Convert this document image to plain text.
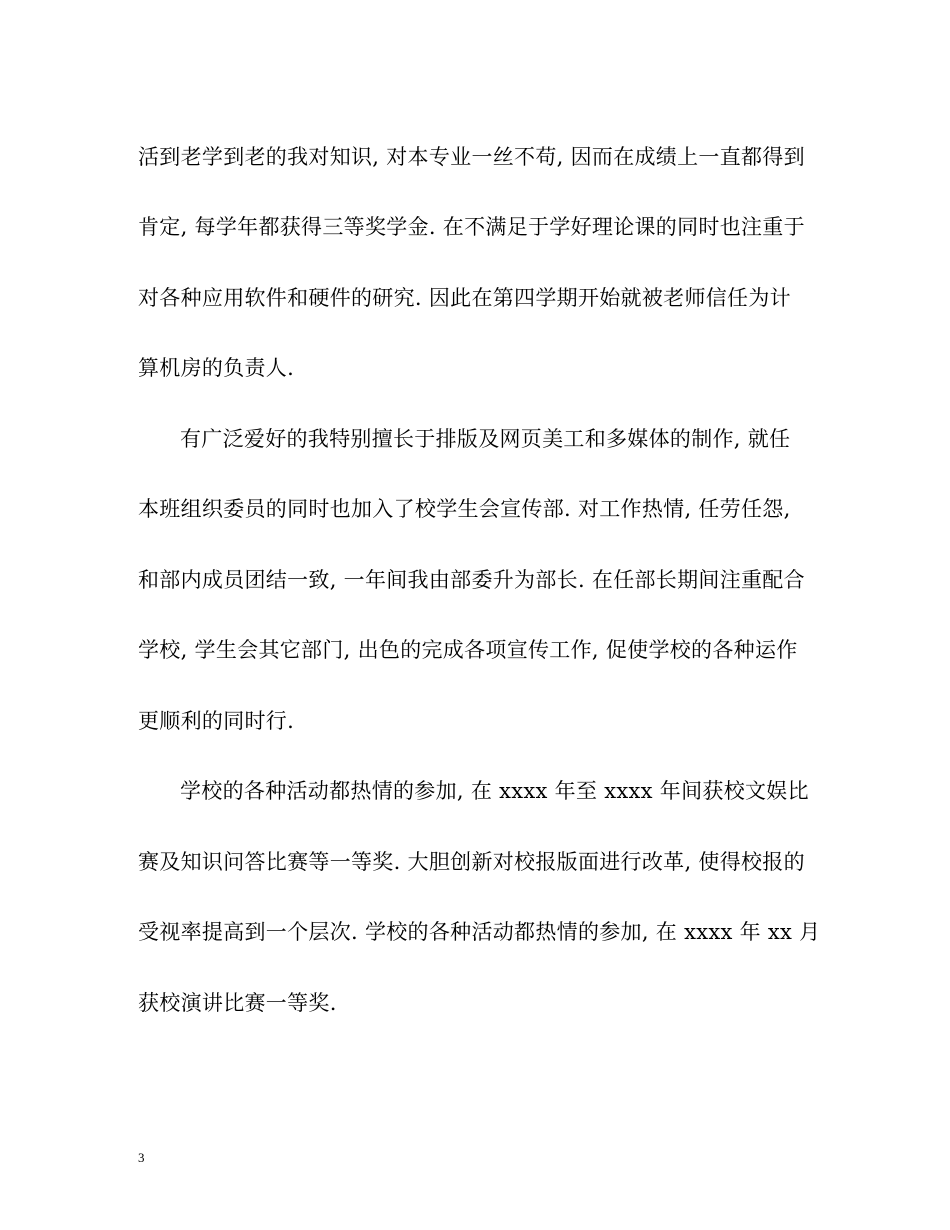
活到老学到老的我对知识, 对本专业一丝不苟, 因而在成绩上一直都得到
肯定, 每学年都获得三等奖学金. 在不满足于学好理论课的同时也注重于
对各种应用软件和硬件的研究. 因此在第四学期开始就被老师信任为计
算机房的负责人.
有广泛爱好的我特别擅长于排版及网页美工和多媒体的制作, 就任
本班组织委员的同时也加入了校学生会宣传部. 对工作热情, 任劳任怨,
和部内成员团结一致, 一年间我由部委升为部长. 在任部长期间注重配合
学校, 学生会其它部门, 出色的完成各项宣传工作, 促使学校的各种运作
更顺利的同时行.
学校的各种活动都热情的参加, 在 xxxx 年至 xxxx 年间获校文娱比
赛及知识问答比赛等一等奖. 大胆创新对校报版面进行改革, 使得校报的
受视率提高到一个层次. 学校的各种活动都热情的参加, 在 xxxx 年 xx 月
获校演讲比赛一等奖.
3
